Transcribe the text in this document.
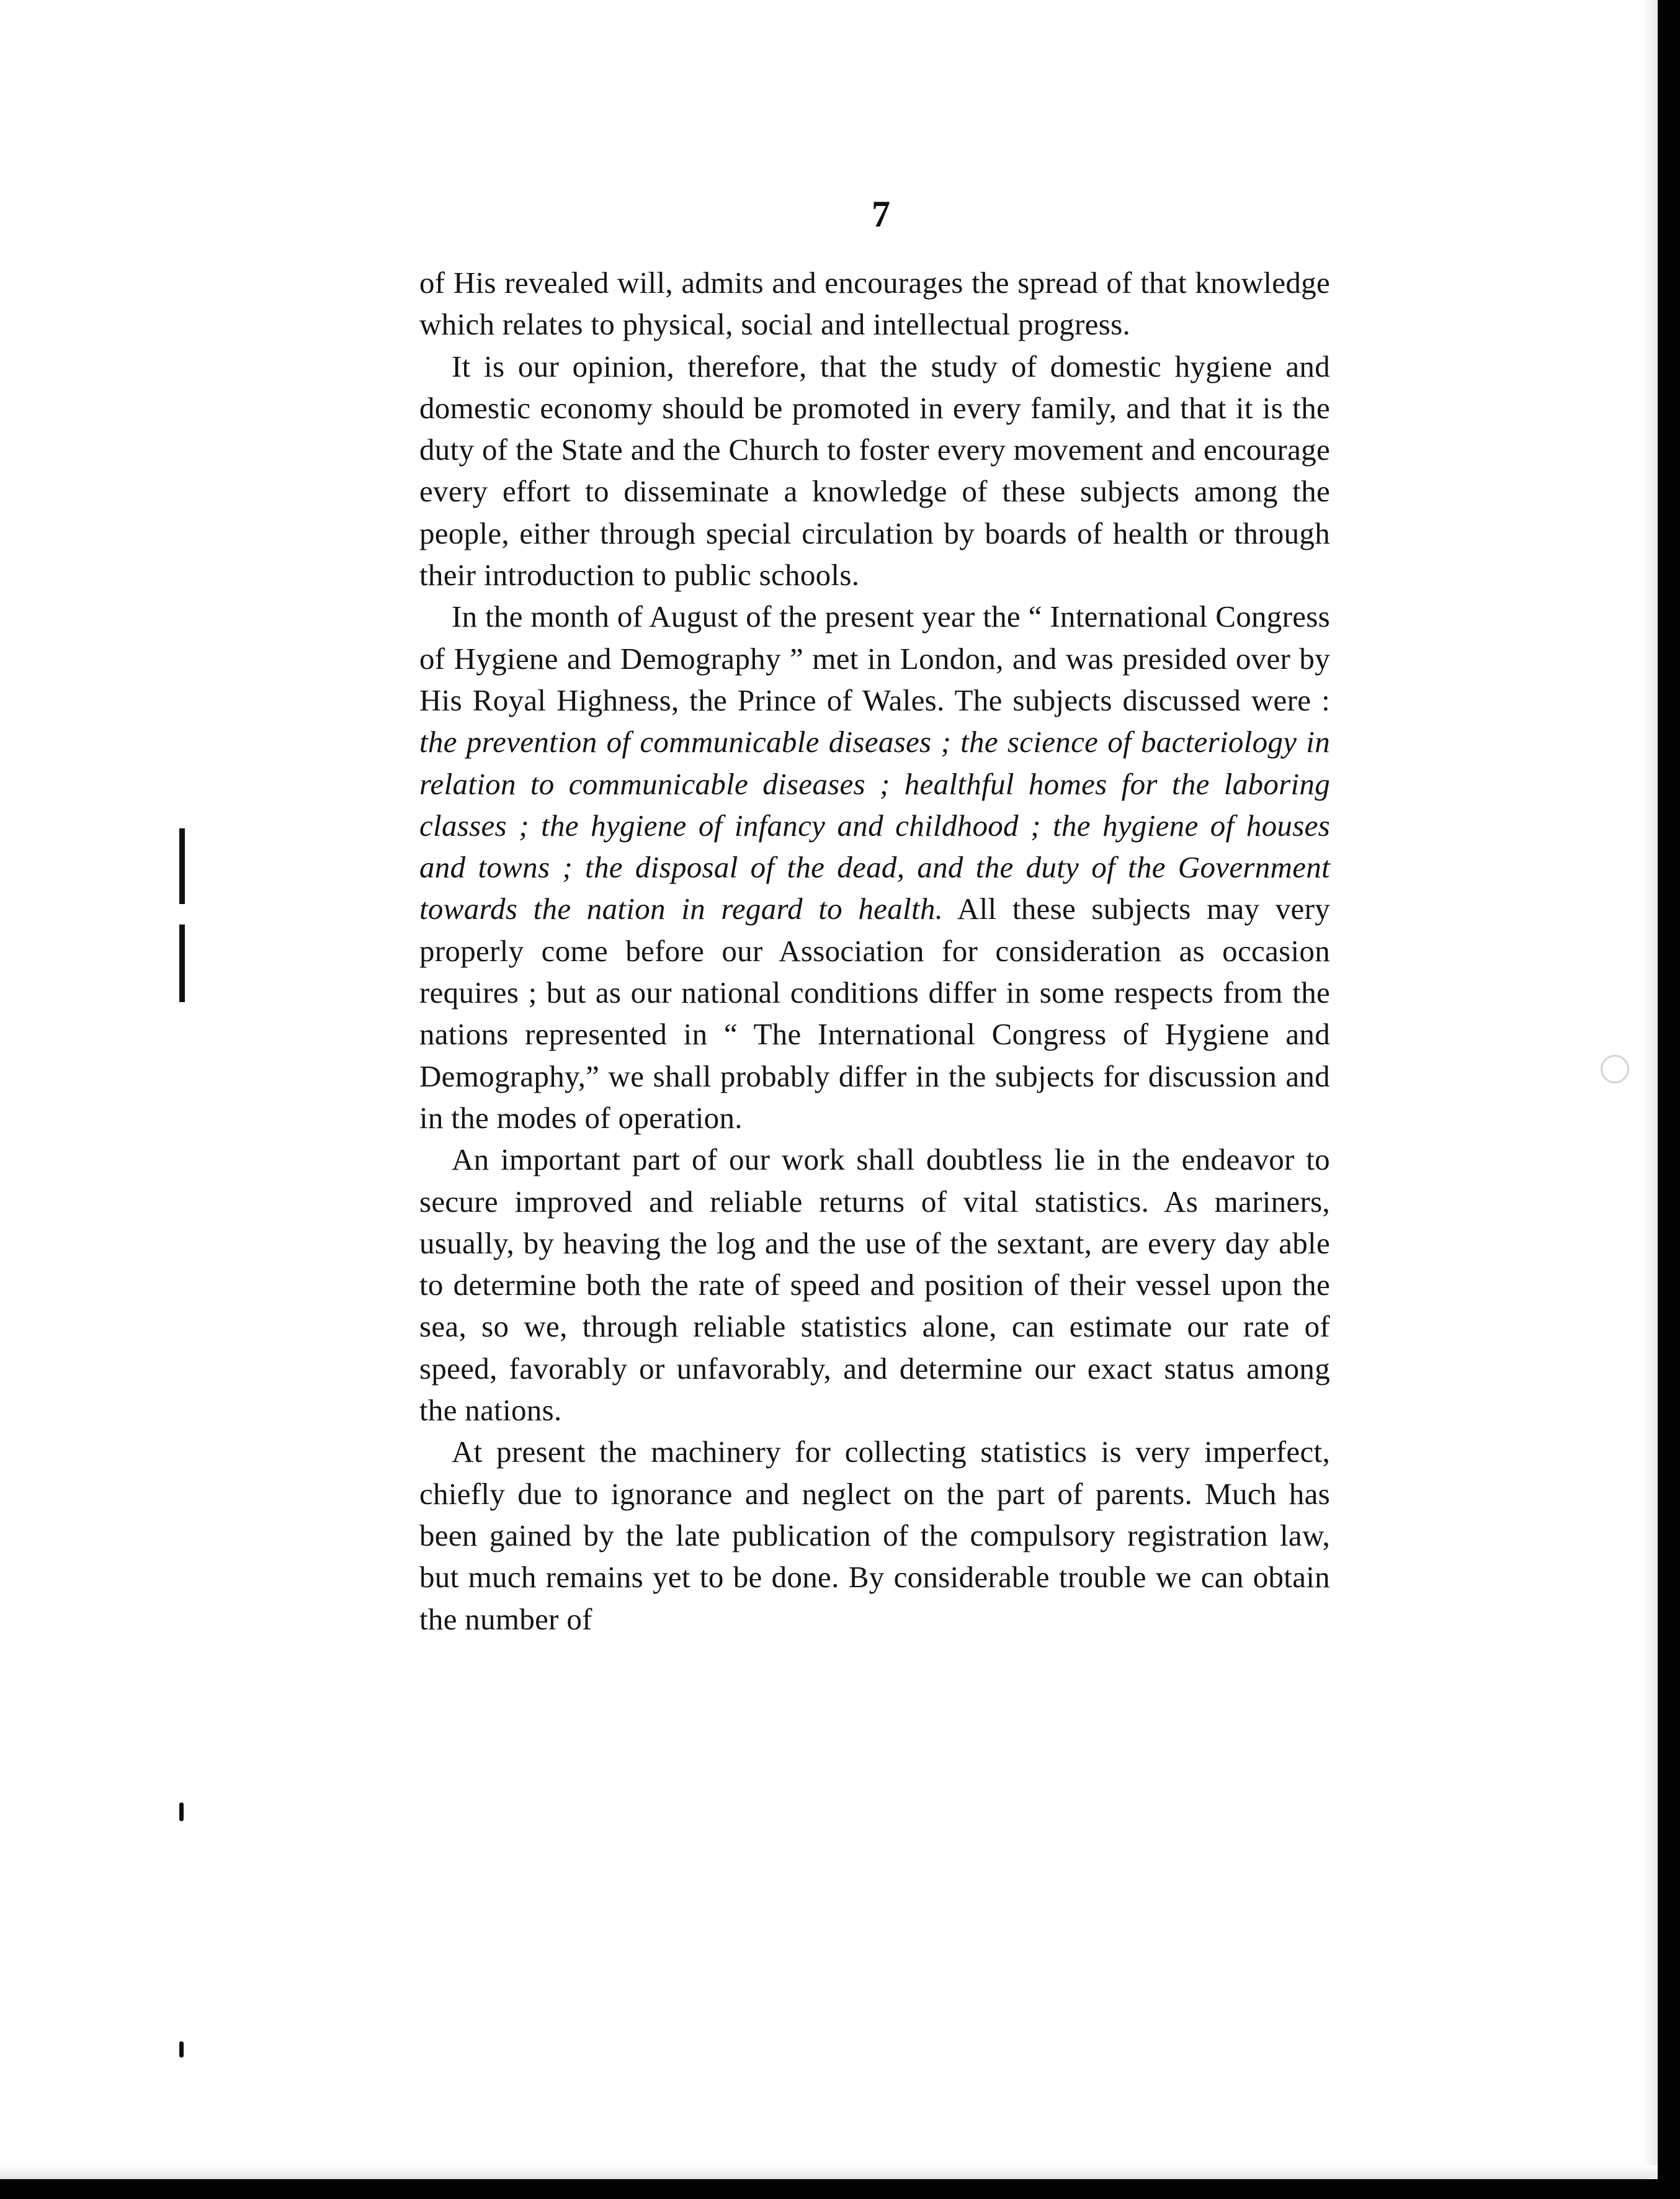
7

of His revealed will, admits and encourages the spread of that knowledge which relates to physical, social and intellectual progress.

It is our opinion, therefore, that the study of domestic hygiene and domestic economy should be promoted in every family, and that it is the duty of the State and the Church to foster every movement and encourage every effort to disseminate a knowledge of these subjects among the people, either through special circulation by boards of health or through their introduction to public schools.

In the month of August of the present year the “ International Congress of Hygiene and Demography ” met in London, and was presided over by His Royal Highness, the Prince of Wales. The subjects discussed were : the prevention of communicable diseases ; the science of bacteriology in relation to communicable diseases ; healthful homes for the laboring classes ; the hygiene of infancy and childhood ; the hygiene of houses and towns ; the disposal of the dead, and the duty of the Government towards the nation in regard to health. All these subjects may very properly come before our Association for consideration as occasion requires ; but as our national conditions differ in some respects from the nations represented in “ The International Congress of Hygiene and Demography,” we shall probably differ in the subjects for discussion and in the modes of operation.

An important part of our work shall doubtless lie in the endeavor to secure improved and reliable returns of vital statistics. As mariners, usually, by heaving the log and the use of the sextant, are every day able to determine both the rate of speed and position of their vessel upon the sea, so we, through reliable statistics alone, can estimate our rate of speed, favorably or unfavorably, and determine our exact status among the nations.

At present the machinery for collecting statistics is very imperfect, chiefly due to ignorance and neglect on the part of parents. Much has been gained by the late publication of the compulsory registration law, but much remains yet to be done. By considerable trouble we can obtain the number of
